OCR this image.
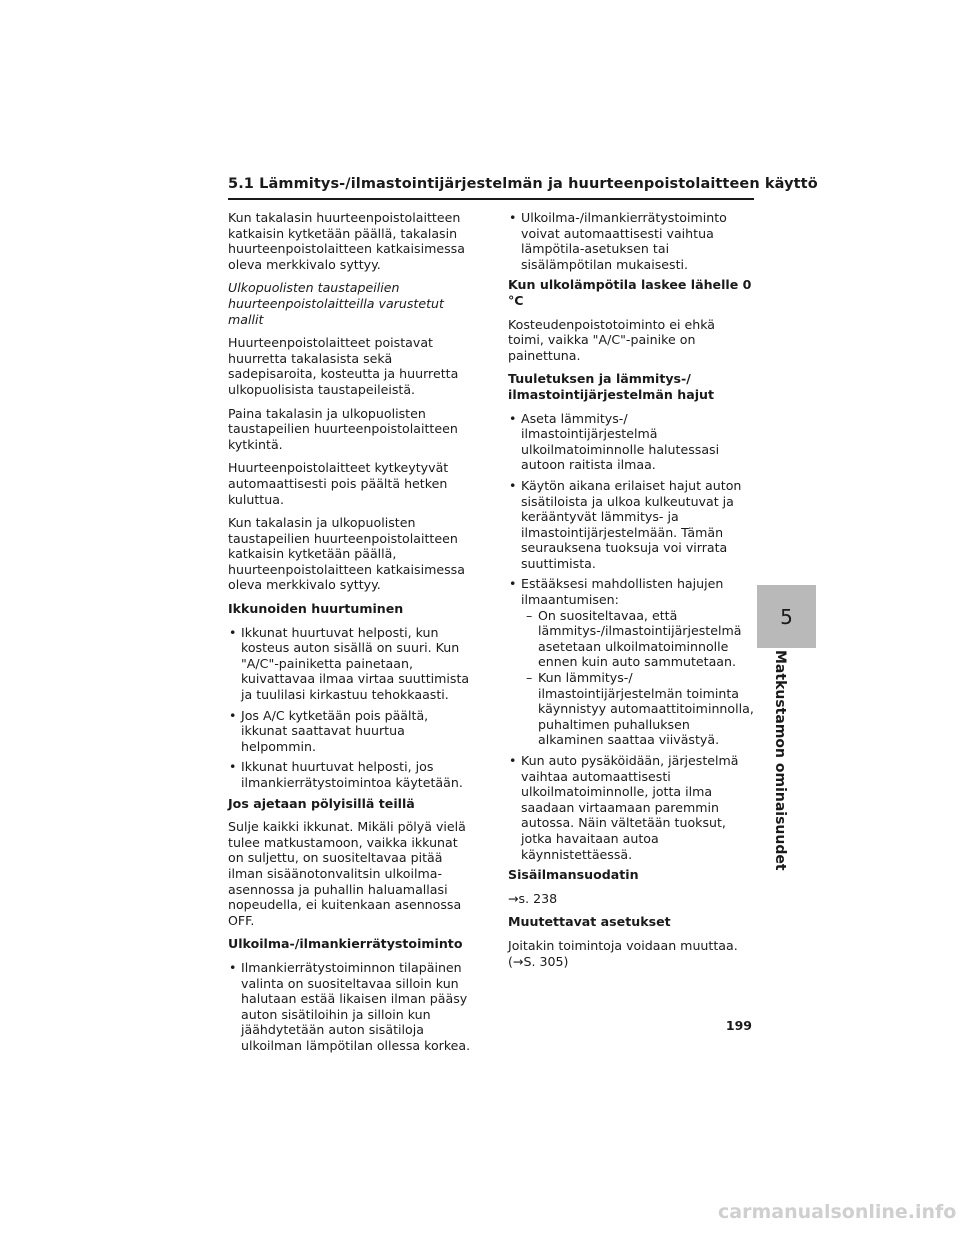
5.1 Lämmitys-/ilmastointijärjestelmän ja huurteenpoistolaitteen käyttö

Kun takalasin huurteenpoistolaitteen katkaisin kytketään päällä, takalasin huurteenpoistolaitteen katkaisimessa oleva merkkivalo syttyy.

Ulkopuolisten taustapeilien huurteenpoistolaitteilla varustetut mallit

Huurteenpoistolaitteet poistavat huurretta takalasista sekä sadepisaroita, kosteutta ja huurretta ulkopuolisista taustapeileistä.

Paina takalasin ja ulkopuolisten taustapeilien huurteenpoistolaitteen kytkintä.

Huurteenpoistolaitteet kytkeytyvät automaattisesti pois päältä hetken kuluttua.

Kun takalasin ja ulkopuolisten taustapeilien huurteenpoistolaitteen katkaisin kytketään päällä, huurteenpoistolaitteen katkaisimessa oleva merkkivalo syttyy.

Ikkunoiden huurtuminen

• Ikkunat huurtuvat helposti, kun kosteus auton sisällä on suuri. Kun "A/C"-painiketta painetaan, kuivattavaa ilmaa virtaa suuttimista ja tuulilasi kirkastuu tehokkaasti.
• Jos A/C kytketään pois päältä, ikkunat saattavat huurtua helpommin.
• Ikkunat huurtuvat helposti, jos ilmankierrätystoimintoa käytetään.

Jos ajetaan pölyisillä teillä

Sulje kaikki ikkunat. Mikäli pölyä vielä tulee matkustamoon, vaikka ikkunat on suljettu, on suositeltavaa pitää ilman sisäänotonvalitsin ulkoilma-asennossa ja puhallin haluamallasi nopeudella, ei kuitenkaan asennossa OFF.

Ulkoilma-/ilmankierrätystoiminto

• Ilmankierrätystoiminnon tilapäinen valinta on suositeltavaa silloin kun halutaan estää likaisen ilman pääsy auton sisätiloihin ja silloin kun jäähdytetään auton sisätiloja ulkoilman lämpötilan ollessa korkea.
• Ulkoilma-/ilmankierrätystoiminto voivat automaattisesti vaihtua lämpötila-asetuksen tai sisälämpötilan mukaisesti.

Kun ulkolämpötila laskee lähelle 0 °C

Kosteudenpoistotoiminto ei ehkä toimi, vaikka "A/C"-painike on painettuna.

Tuuletuksen ja lämmitys-/ ilmastointijärjestelmän hajut

• Aseta lämmitys-/ ilmastointijärjestelmä ulkoilmatoiminnolle halutessasi autoon raitista ilmaa.
• Käytön aikana erilaiset hajut auton sisätiloista ja ulkoa kulkeutuvat ja kerääntyvät lämmitys- ja ilmastointijärjestelmään. Tämän seurauksena tuoksuja voi virrata suuttimista.
• Estääksesi mahdollisten hajujen ilmaantumisen:
– On suositeltavaa, että lämmitys-/ilmastointijärjestelmä asetetaan ulkoilmatoiminnolle ennen kuin auto sammutetaan.
– Kun lämmitys-/ ilmastointijärjestelmän toiminta käynnistyy automaattitoiminnolla, puhaltimen puhalluksen alkaminen saattaa viivästyä.
• Kun auto pysäköidään, järjestelmä vaihtaa automaattisesti ulkoilmatoiminnolle, jotta ilma saadaan virtaamaan paremmin autossa. Näin vältetään tuoksut, jotka havaitaan autoa käynnistettäessä.

Sisäilmansuodatin

→s. 238

Muutettavat asetukset

Joitakin toimintoja voidaan muuttaa.

(→S. 305)

5
Matkustamon ominaisuudet
199
carmanualsonline.info
